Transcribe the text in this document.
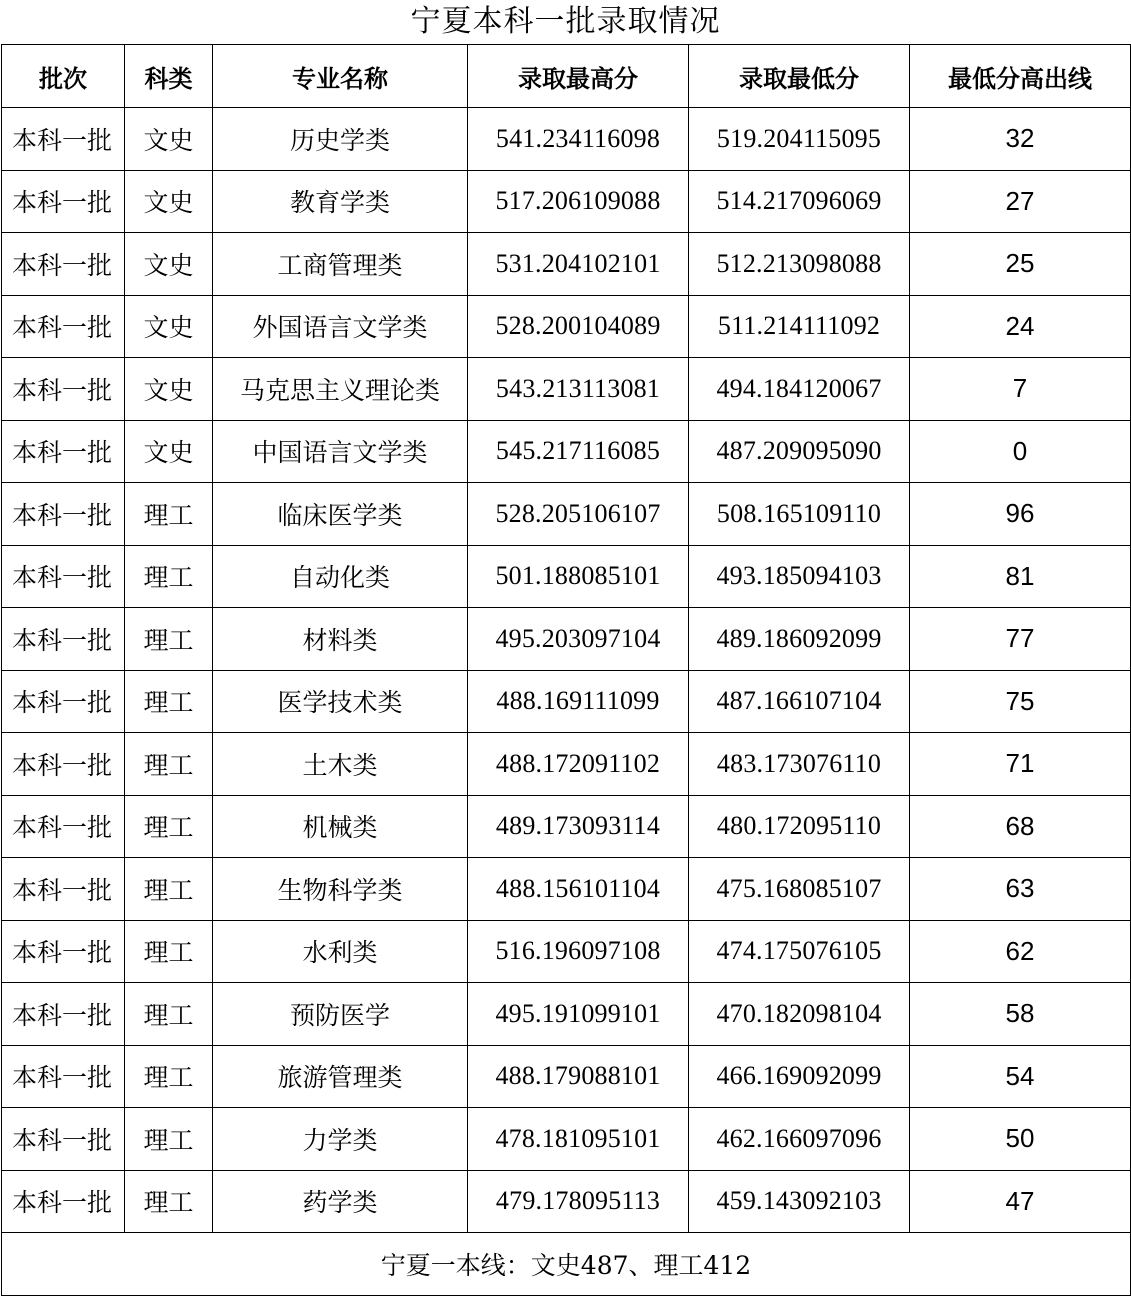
宁夏本科一批录取情况
批次	科类	专业名称	录取最高分	录取最低分	最低分高出线
本科一批	文史	历史学类	541.234116098	519.204115095	32
本科一批	文史	教育学类	517.206109088	514.217096069	27
本科一批	文史	工商管理类	531.204102101	512.213098088	25
本科一批	文史	外国语言文学类	528.200104089	511.214111092	24
本科一批	文史	马克思主义理论类	543.213113081	494.184120067	7
本科一批	文史	中国语言文学类	545.217116085	487.209095090	0
本科一批	理工	临床医学类	528.205106107	508.165109110	96
本科一批	理工	自动化类	501.188085101	493.185094103	81
本科一批	理工	材料类	495.203097104	489.186092099	77
本科一批	理工	医学技术类	488.169111099	487.166107104	75
本科一批	理工	土木类	488.172091102	483.173076110	71
本科一批	理工	机械类	489.173093114	480.172095110	68
本科一批	理工	生物科学类	488.156101104	475.168085107	63
本科一批	理工	水利类	516.196097108	474.175076105	62
本科一批	理工	预防医学	495.191099101	470.182098104	58
本科一批	理工	旅游管理类	488.179088101	466.169092099	54
本科一批	理工	力学类	478.181095101	462.166097096	50
本科一批	理工	药学类	479.178095113	459.143092103	47
宁夏一本线：文史487、理工412					
